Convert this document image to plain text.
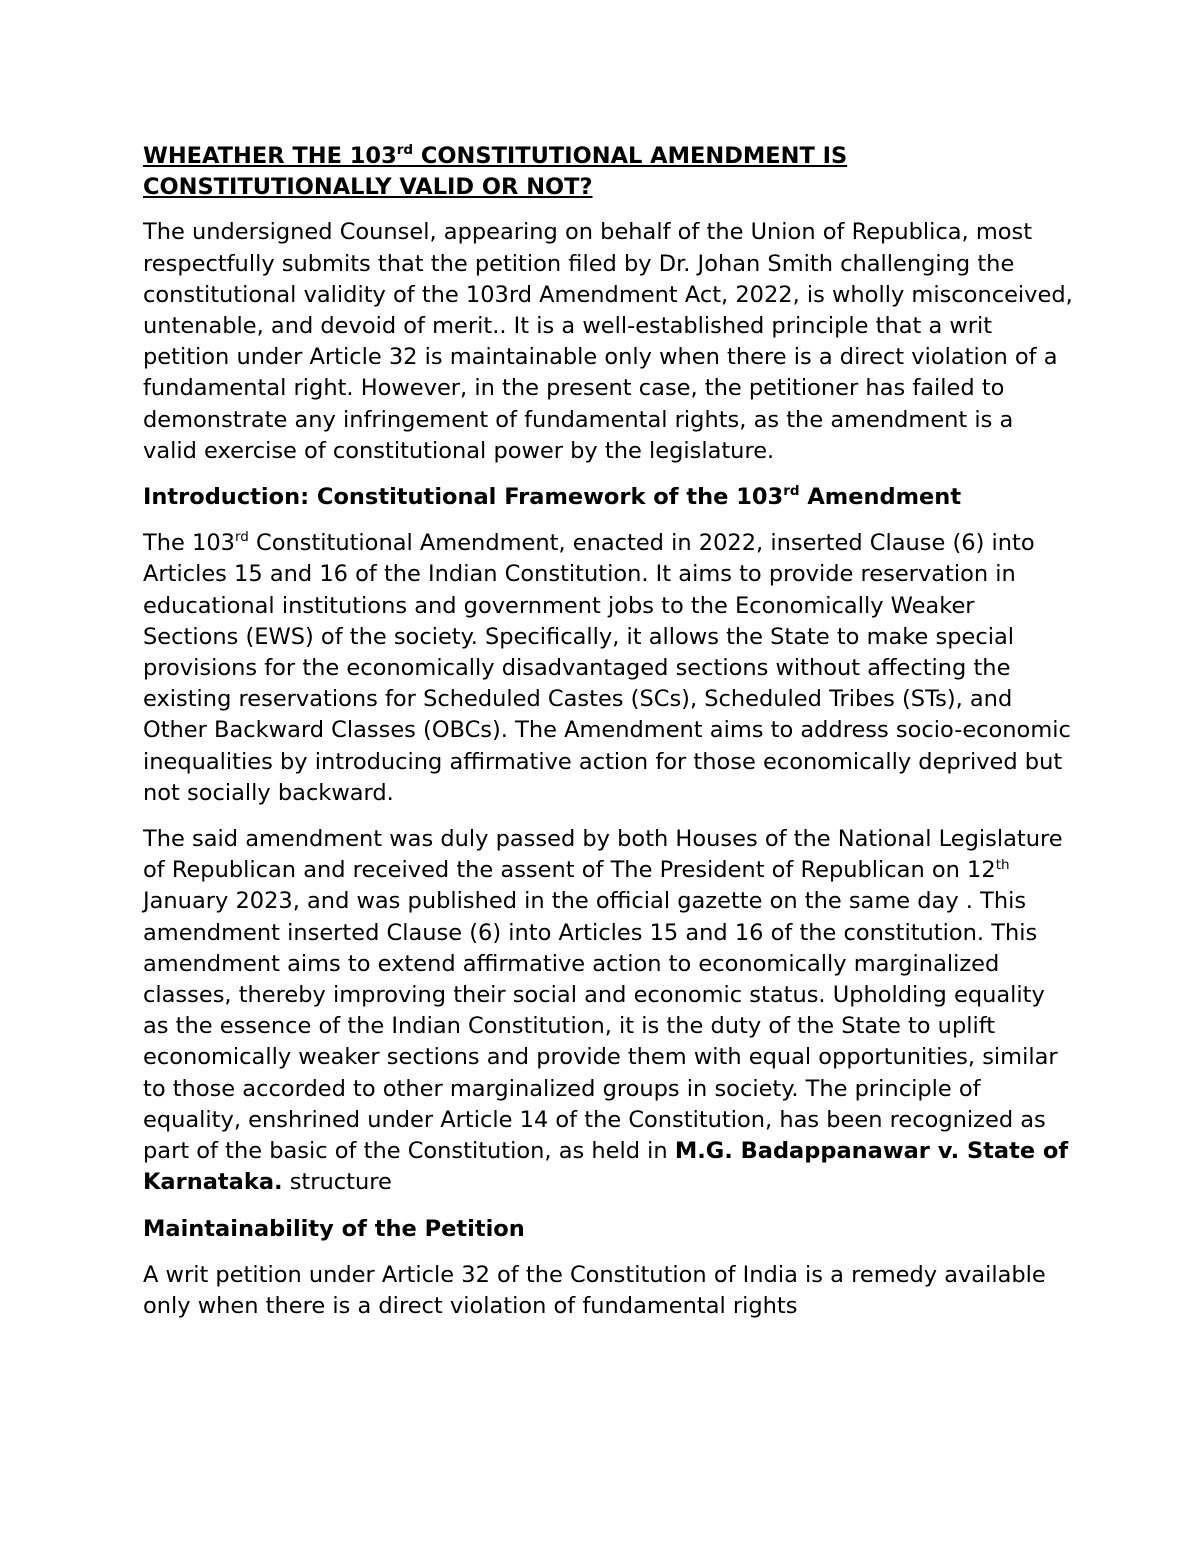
WHEATHER THE 103rd CONSTITUTIONAL AMENDMENT IS
CONSTITUTIONALLY VALID OR NOT?

The undersigned Counsel, appearing on behalf of the Union of Republica, most respectfully submits that the petition filed by Dr. Johan Smith challenging the constitutional validity of the 103rd Amendment Act, 2022, is wholly misconceived, untenable, and devoid of merit.. It is a well-established principle that a writ petition under Article 32 is maintainable only when there is a direct violation of a fundamental right. However, in the present case, the petitioner has failed to demonstrate any infringement of fundamental rights, as the amendment is a valid exercise of constitutional power by the legislature.

Introduction: Constitutional Framework of the 103rd Amendment

The 103rd Constitutional Amendment, enacted in 2022, inserted Clause (6) into Articles 15 and 16 of the Indian Constitution. It aims to provide reservation in educational institutions and government jobs to the Economically Weaker Sections (EWS) of the society. Specifically, it allows the State to make special provisions for the economically disadvantaged sections without affecting the existing reservations for Scheduled Castes (SCs), Scheduled Tribes (STs), and Other Backward Classes (OBCs). The Amendment aims to address socio-economic inequalities by introducing affirmative action for those economically deprived but not socially backward.

The said amendment was duly passed by both Houses of the National Legislature of Republican and received the assent of The President of Republican on 12th January 2023, and was published in the official gazette on the same day . This amendment inserted Clause (6) into Articles 15 and 16 of the constitution. This amendment aims to extend affirmative action to economically marginalized classes, thereby improving their social and economic status. Upholding equality as the essence of the Indian Constitution, it is the duty of the State to uplift economically weaker sections and provide them with equal opportunities, similar to those accorded to other marginalized groups in society. The principle of equality, enshrined under Article 14 of the Constitution, has been recognized as part of the basic of the Constitution, as held in M.G. Badappanawar v. State of Karnataka. structure

Maintainability of the Petition

A writ petition under Article 32 of the Constitution of India is a remedy available only when there is a direct violation of fundamental rights
